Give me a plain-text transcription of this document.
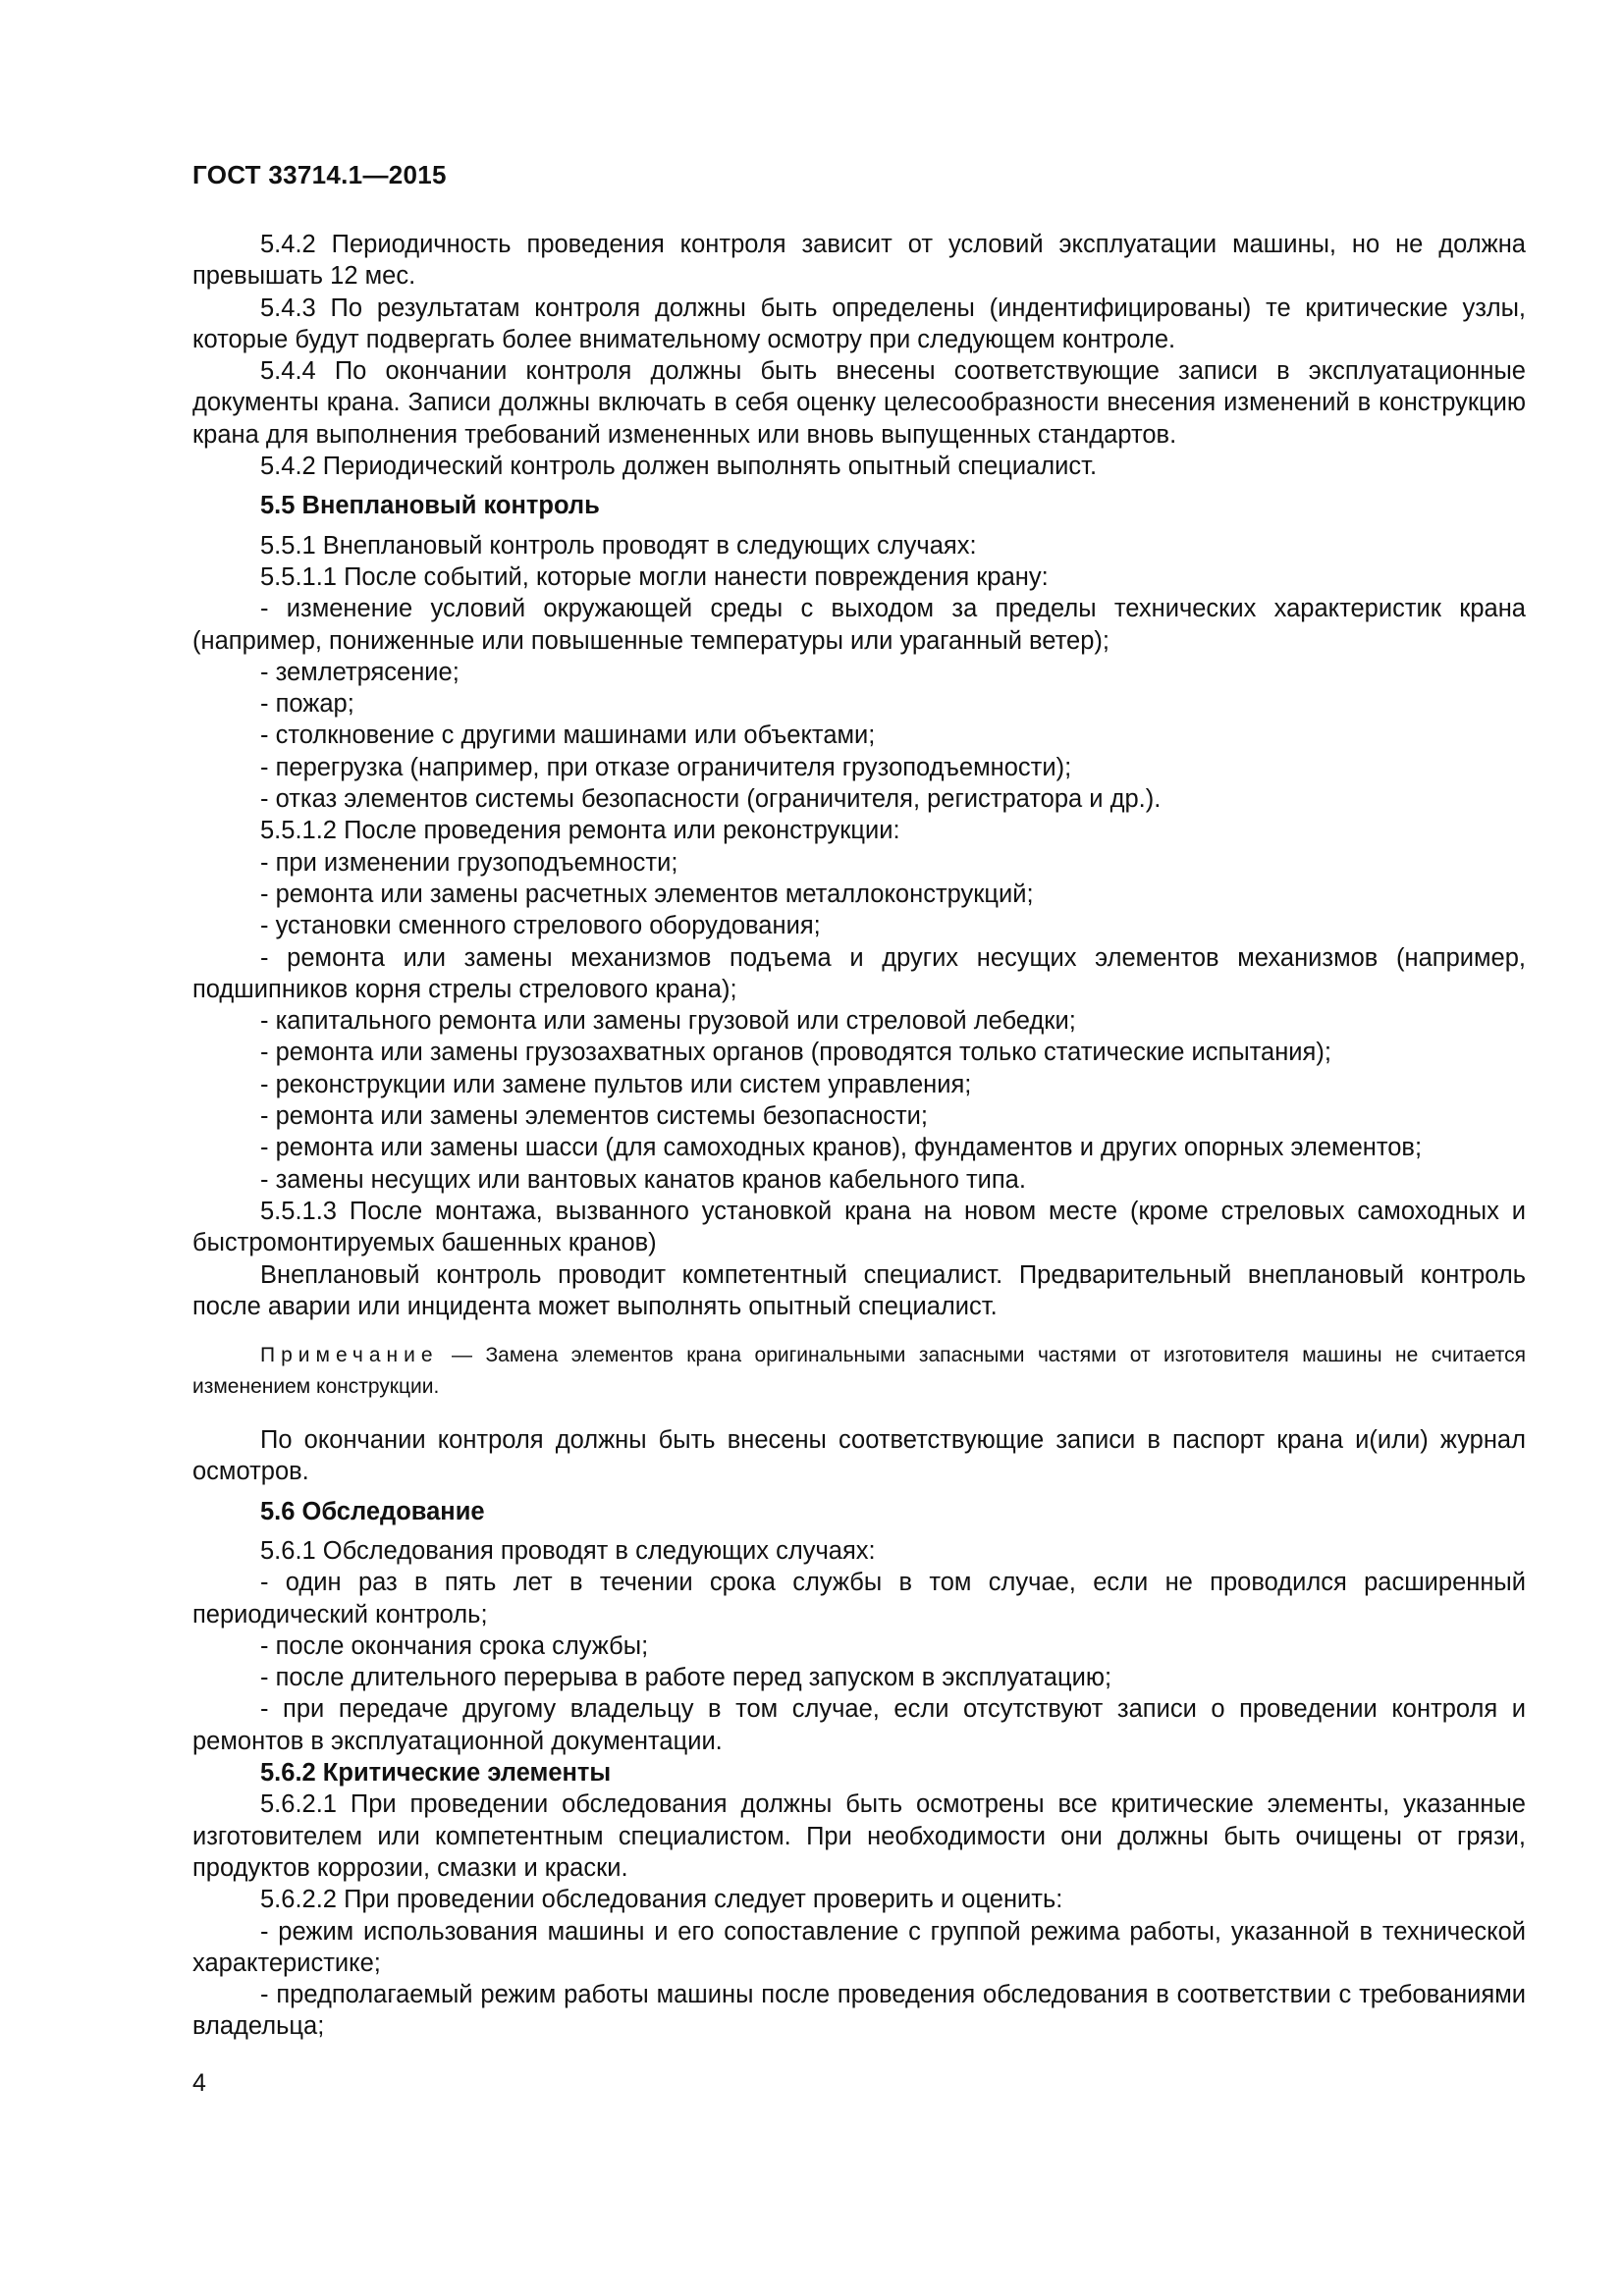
ГОСТ 33714.1—2015

5.4.2 Периодичность проведения контроля зависит от условий эксплуатации машины, но не должна превышать 12 мес.

5.4.3 По результатам контроля должны быть определены (индентифицированы) те критические узлы, которые будут подвергать более внимательному осмотру при следующем контроле.

5.4.4 По окончании контроля должны быть внесены соответствующие записи в эксплуатационные документы крана. Записи должны включать в себя оценку целесообразности внесения изменений в конструкцию крана для выполнения требований измененных или вновь выпущенных стандартов.

5.4.2 Периодический контроль должен выполнять опытный специалист.

5.5 Внеплановый контроль

5.5.1 Внеплановый контроль проводят в следующих случаях:

5.5.1.1 После событий, которые могли нанести повреждения крану:

- изменение условий окружающей среды с выходом за пределы технических характеристик крана (например, пониженные или повышенные температуры или ураганный ветер);

- землетрясение;

- пожар;

- столкновение с другими машинами или объектами;

- перегрузка (например, при отказе ограничителя грузоподъемности);

- отказ элементов системы безопасности (ограничителя, регистратора и др.).

5.5.1.2 После проведения ремонта или реконструкции:

- при изменении грузоподъемности;

- ремонта или замены расчетных элементов металлоконструкций;

- установки сменного стрелового оборудования;

- ремонта или замены механизмов подъема и других несущих элементов механизмов (например, подшипников корня стрелы стрелового крана);

- капитального ремонта или замены грузовой или стреловой лебедки;

- ремонта или замены грузозахватных органов (проводятся только статические испытания);

- реконструкции или замене пультов или систем управления;

- ремонта или замены элементов системы безопасности;

- ремонта или замены шасси (для самоходных кранов), фундаментов и других опорных элементов;

- замены несущих или вантовых канатов кранов кабельного типа.

5.5.1.3 После монтажа, вызванного установкой крана на новом месте (кроме стреловых самоходных и быстромонтируемых башенных кранов)

Внеплановый контроль проводит компетентный специалист. Предварительный внеплановый контроль после аварии или инцидента может выполнять опытный специалист.

Примечание — Замена элементов крана оригинальными запасными частями от изготовителя машины не считается изменением конструкции.

По окончании контроля должны быть внесены соответствующие записи в паспорт крана и(или) журнал осмотров.

5.6 Обследование

5.6.1 Обследования проводят в следующих случаях:

- один раз в пять лет в течении срока службы в том случае, если не проводился расширенный периодический контроль;

- после окончания срока службы;

- после длительного перерыва в работе перед запуском в эксплуатацию;

- при передаче другому владельцу в том случае, если отсутствуют записи о проведении контроля и ремонтов в эксплуатационной документации.

5.6.2 Критические элементы

5.6.2.1 При проведении обследования должны быть осмотрены все критические элементы, указанные изготовителем или компетентным специалистом. При необходимости они должны быть очищены от грязи, продуктов коррозии, смазки и краски.

5.6.2.2 При проведении обследования следует проверить и оценить:

- режим использования машины и его сопоставление с группой режима работы, указанной в технической характеристике;

- предполагаемый режим работы машины после проведения обследования в соответствии с требованиями владельца;

4
